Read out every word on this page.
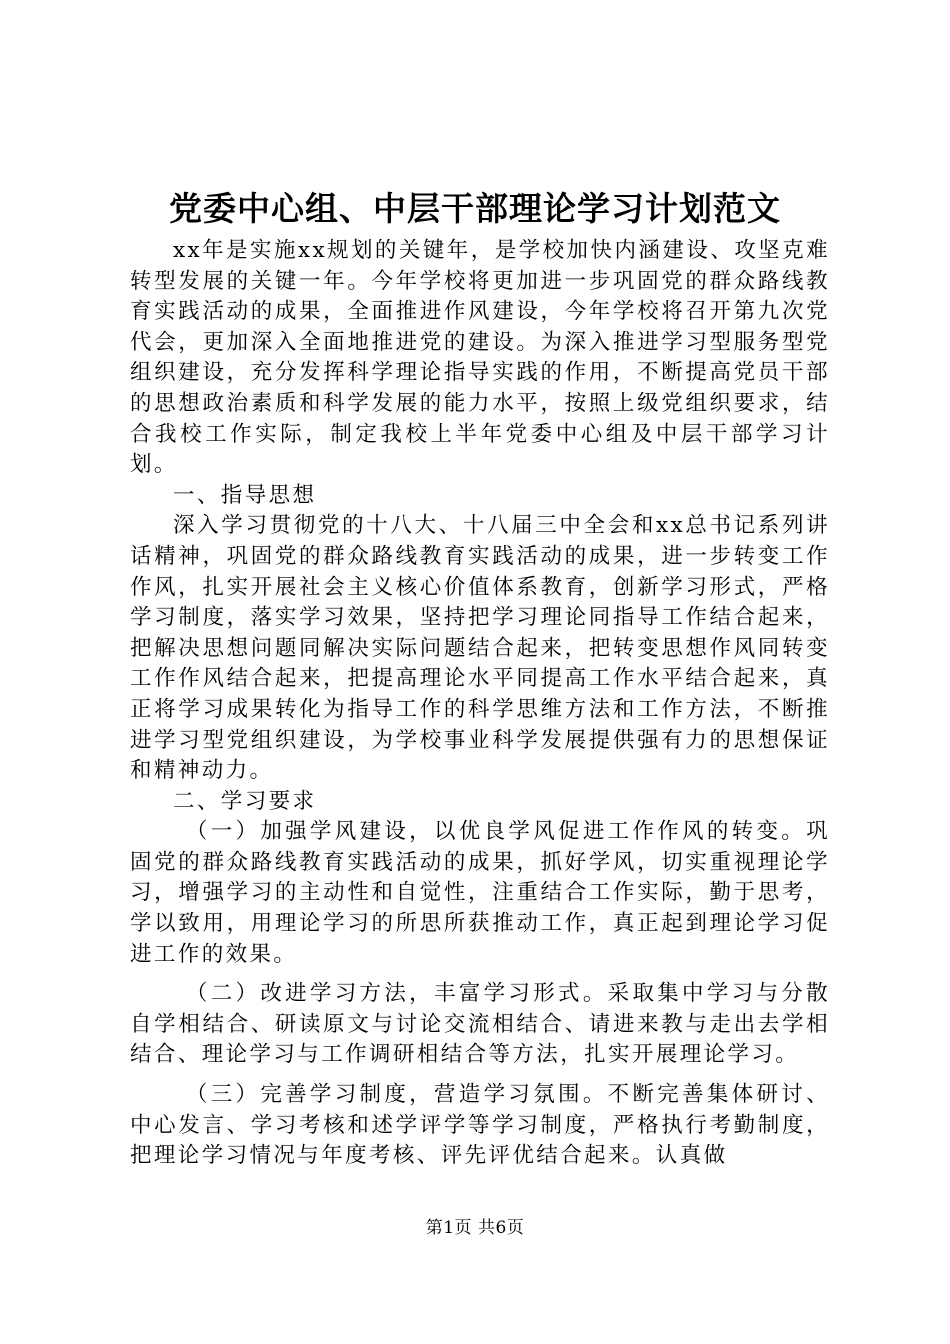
党委中心组、中层干部理论学习计划范文

xx年是实施xx规划的关键年，是学校加快内涵建设、攻坚克难转型发展的关键一年。今年学校将更加进一步巩固党的群众路线教育实践活动的成果，全面推进作风建设，今年学校将召开第九次党代会，更加深入全面地推进党的建设。为深入推进学习型服务型党组织建设，充分发挥科学理论指导实践的作用，不断提高党员干部的思想政治素质和科学发展的能力水平，按照上级党组织要求，结合我校工作实际，制定我校上半年党委中心组及中层干部学习计划。

一、指导思想

深入学习贯彻党的十八大、十八届三中全会和xx总书记系列讲话精神，巩固党的群众路线教育实践活动的成果，进一步转变工作作风，扎实开展社会主义核心价值体系教育，创新学习形式，严格学习制度，落实学习效果，坚持把学习理论同指导工作结合起来，把解决思想问题同解决实际问题结合起来，把转变思想作风同转变工作作风结合起来，把提高理论水平同提高工作水平结合起来，真正将学习成果转化为指导工作的科学思维方法和工作方法，不断推进学习型党组织建设，为学校事业科学发展提供强有力的思想保证和精神动力。

二、学习要求

（一）加强学风建设，以优良学风促进工作作风的转变。巩固党的群众路线教育实践活动的成果，抓好学风，切实重视理论学习，增强学习的主动性和自觉性，注重结合工作实际，勤于思考，学以致用，用理论学习的所思所获推动工作，真正起到理论学习促进工作的效果。

（二）改进学习方法，丰富学习形式。采取集中学习与分散自学相结合、研读原文与讨论交流相结合、请进来教与走出去学相结合、理论学习与工作调研相结合等方法，扎实开展理论学习。

（三）完善学习制度，营造学习氛围。不断完善集体研讨、中心发言、学习考核和述学评学等学习制度，严格执行考勤制度，把理论学习情况与年度考核、评先评优结合起来。认真做

第1页 共6页
